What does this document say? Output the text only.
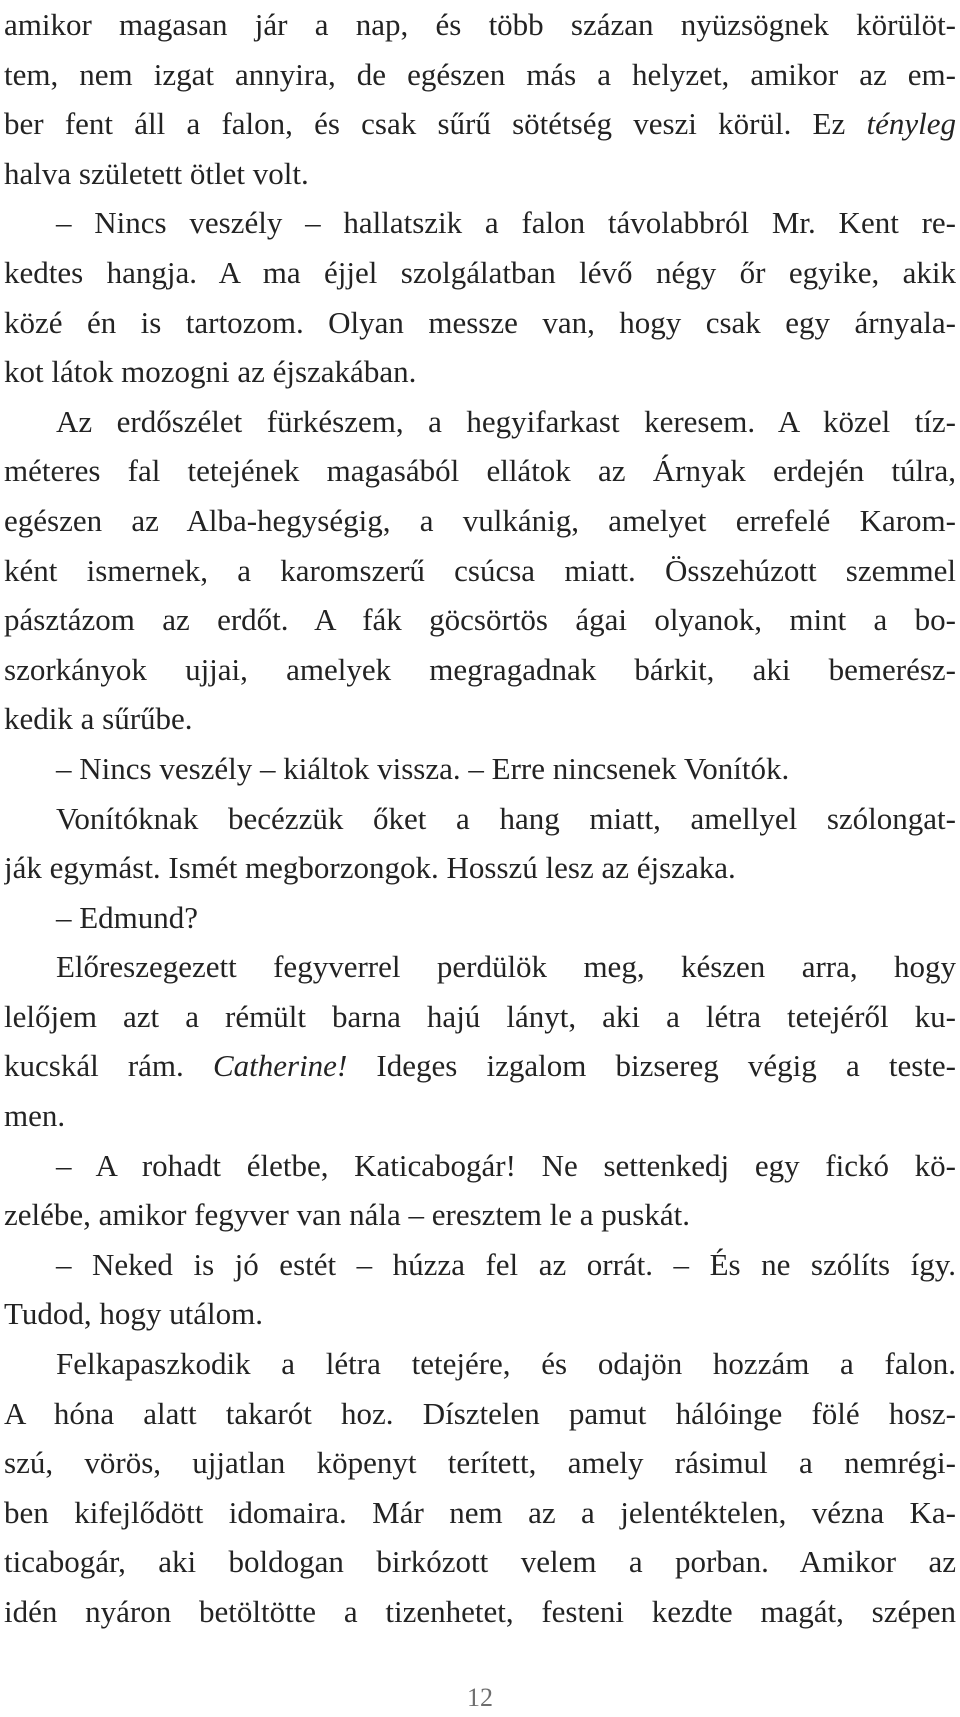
amikor magasan jár a nap, és több százan nyüzsögnek körülöt-
tem, nem izgat annyira, de egészen más a helyzet, amikor az em-
ber fent áll a falon, és csak sűrű sötétség veszi körül. Ez tényleg
halva született ötlet volt.
– Nincs veszély – hallatszik a falon távolabbról Mr. Kent re-
kedtes hangja. A ma éjjel szolgálatban lévő négy őr egyike, akik
közé én is tartozom. Olyan messze van, hogy csak egy árnyala-
kot látok mozogni az éjszakában.
Az erdőszélet fürkészem, a hegyifarkast keresem. A közel tíz-
méteres fal tetejének magasából ellátok az Árnyak erdején túlra,
egészen az Alba-hegységig, a vulkánig, amelyet errefelé Karom-
ként ismernek, a karomszerű csúcsa miatt. Összehúzott szemmel
pásztázom az erdőt. A fák göcsörtös ágai olyanok, mint a bo-
szorkányok ujjai, amelyek megragadnak bárkit, aki bemerész-
kedik a sűrűbe.
– Nincs veszély – kiáltok vissza. – Erre nincsenek Vonítók.
Vonítóknak becézzük őket a hang miatt, amellyel szólongat-
ják egymást. Ismét megborzongok. Hosszú lesz az éjszaka.
– Edmund?
Előreszegezett fegyverrel perdülök meg, készen arra, hogy
lelőjem azt a rémült barna hajú lányt, aki a létra tetejéről ku-
kucskál rám. Catherine! Ideges izgalom bizsereg végig a teste-
men.
– A rohadt életbe, Katicabogár! Ne settenkedj egy fickó kö-
zelébe, amikor fegyver van nála – eresztem le a puskát.
– Neked is jó estét – húzza fel az orrát. – És ne szólíts így.
Tudod, hogy utálom.
Felkapaszkodik a létra tetejére, és odajön hozzám a falon.
A hóna alatt takarót hoz. Dísztelen pamut hálóinge fölé hosz-
szú, vörös, ujjatlan köpenyt terített, amely rásimul a nemrégi-
ben kifejlődött idomaira. Már nem az a jelentéktelen, vézna Ka-
ticabogár, aki boldogan birkózott velem a porban. Amikor az
idén nyáron betöltötte a tizenhetet, festeni kezdte magát, szépen
12
